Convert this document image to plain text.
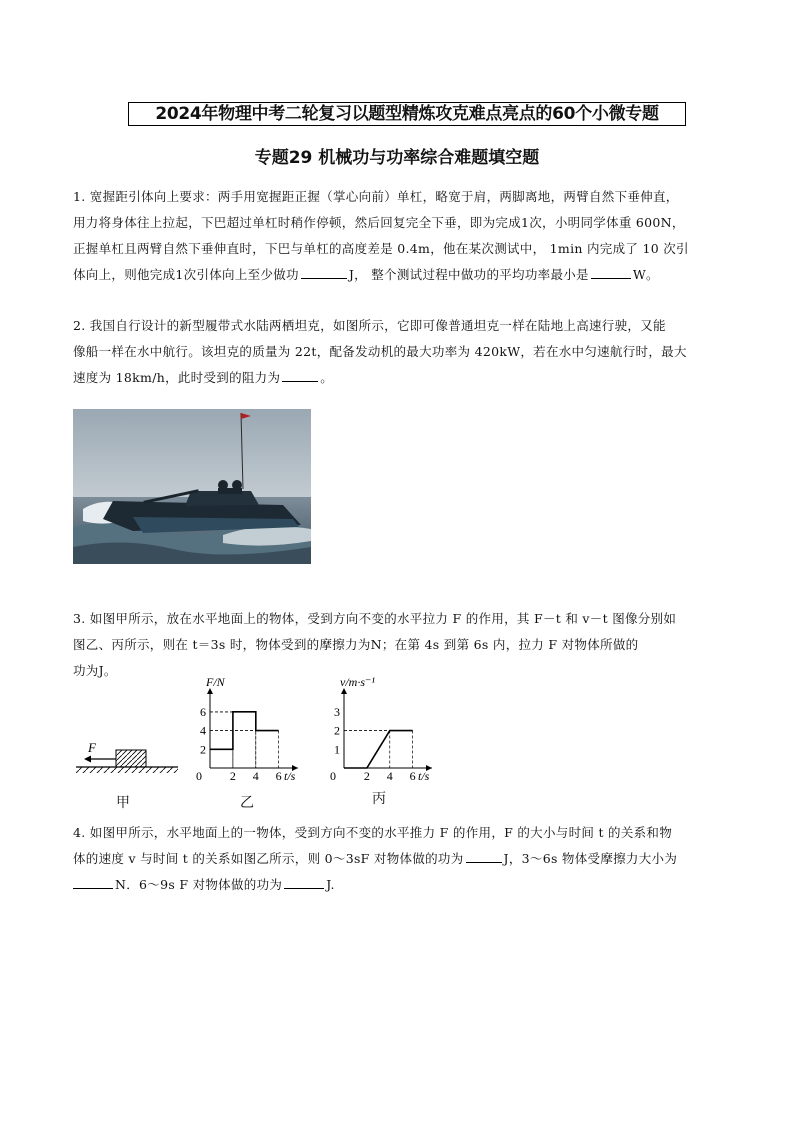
2024年物理中考二轮复习以题型精炼攻克难点亮点的60个小微专题
专题29 机械功与功率综合难题填空题
1. 宽握距引体向上要求：两手用宽握距正握（掌心向前）单杠，略宽于肩，两脚离地，两臂自然下垂伸直，
用力将身体往上拉起，下巴超过单杠时稍作停顿，然后回复完全下垂，即为完成1次，小明同学体重 600N，
正握单杠且两臂自然下垂伸直时，下巴与单杠的高度差是 0.4m，他在某次测试中， 1min 内完成了 10 次引
体向上，则他完成1次引体向上至少做功	J， 整个测试过程中做功的平均功率最小是	W。
2. 我国自行设计的新型履带式水陆两栖坦克，如图所示，它即可像普通坦克一样在陆地上高速行驶，又能
像船一样在水中航行。该坦克的质量为 22t，配备发动机的最大功率为 420kW，若在水中匀速航行时，最大
速度为 18km/h，此时受到的阻力为	。
3. 如图甲所示，放在水平地面上的物体，受到方向不变的水平拉力 F 的作用，其 F－t 和 v－t 图像分别如
图乙、丙所示，则在 t＝3s 时，物体受到的摩擦力为N；在第 4s 到第 6s 内，拉力 F 对物体所做的
功为J。
F
F/N
t/s
0 2 4 6
2
4
6
v/m·s⁻¹
t/s
0 2 4 6
1
2
3
甲	乙	丙
4. 如图甲所示，水平地面上的一物体，受到方向不变的水平推力 F 的作用，F 的大小与时间 t 的关系和物
体的速度 v 与时间 t 的关系如图乙所示，则 0～3sF 对物体做的功为	J，3～6s 物体受摩擦力大小为
N．6～9s F 对物体做的功为	J.
